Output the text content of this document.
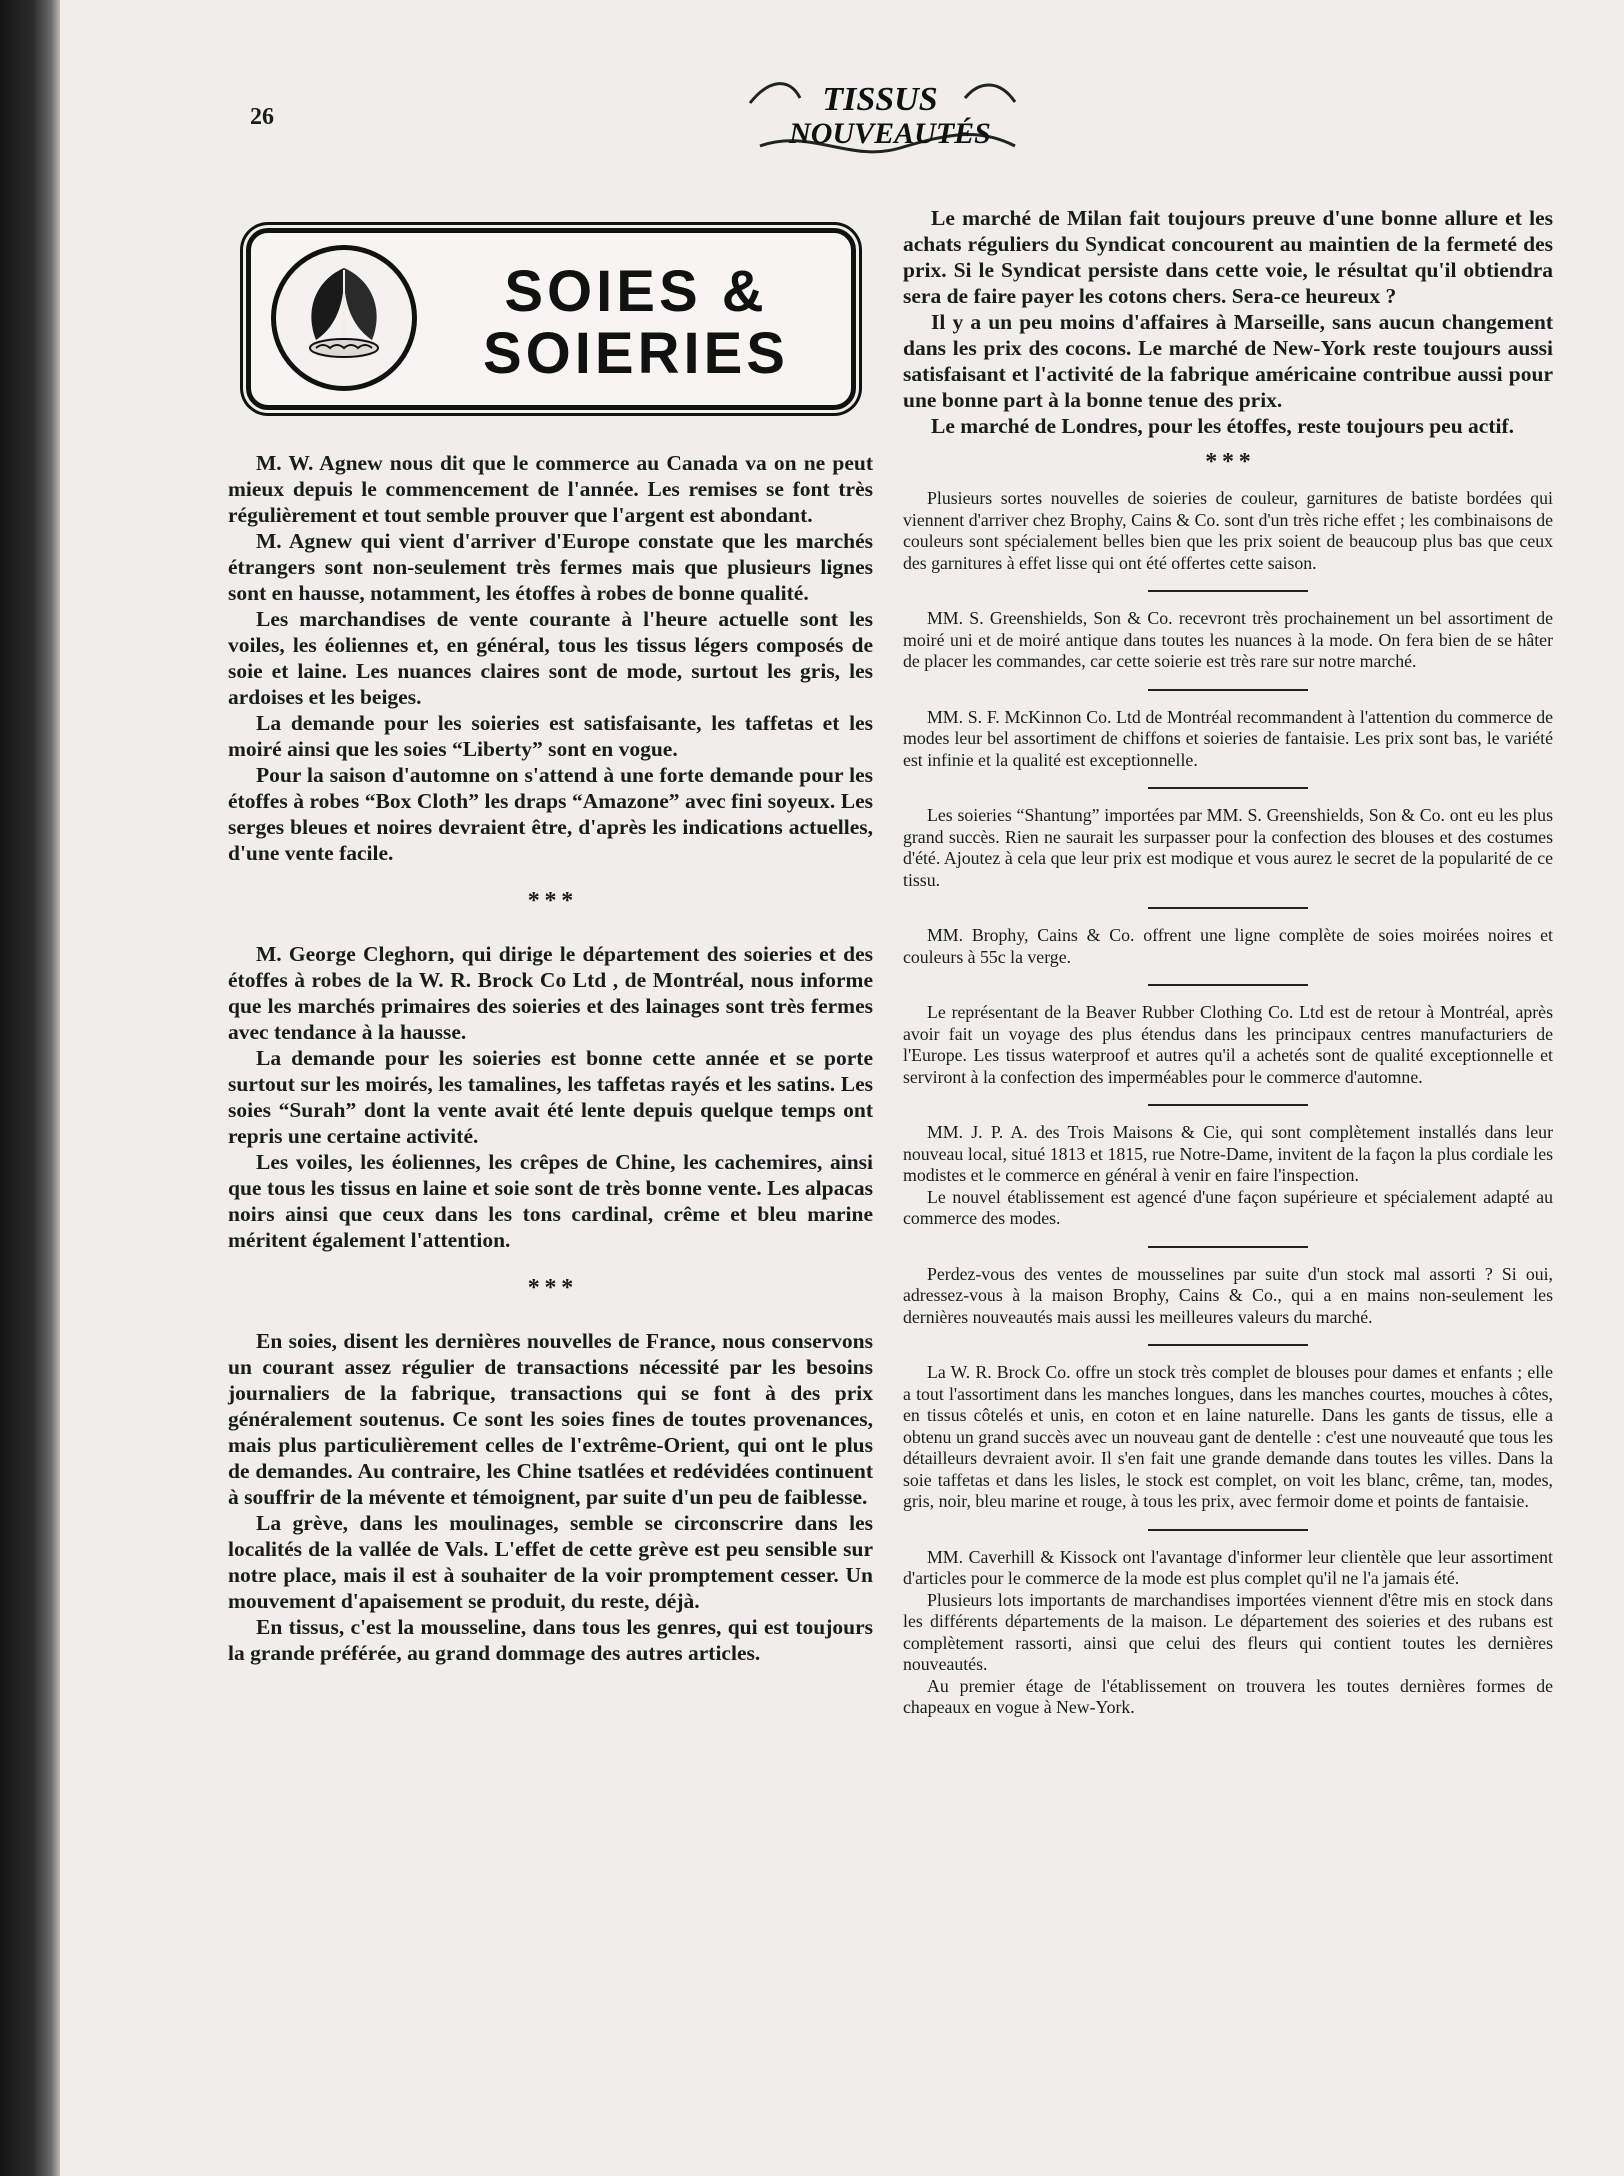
26	TISSUS
NOUVEAUTÉS
SOIES &
SOIERIES

M. W. Agnew nous dit que le commerce au Canada va on ne peut mieux depuis le commencement de l'année. Les remises se font très régulièrement et tout semble prouver que l'argent est abondant.

M. Agnew qui vient d'arriver d'Europe constate que les marchés étrangers sont non-seulement très fermes mais que plusieurs lignes sont en hausse, notamment, les étoffes à robes de bonne qualité.

Les marchandises de vente courante à l'heure actuelle sont les voiles, les éoliennes et, en général, tous les tissus légers composés de soie et laine. Les nuances claires sont de mode, surtout les gris, les ardoises et les beiges.

La demande pour les soieries est satisfaisante, les taffetas et les moiré ainsi que les soies “Liberty” sont en vogue.

Pour la saison d'automne on s'attend à une forte demande pour les étoffes à robes “Box Cloth” les draps “Amazone” avec fini soyeux. Les serges bleues et noires devraient être, d'après les indications actuelles, d'une vente facile.

* * *

M. George Cleghorn, qui dirige le département des soieries et des étoffes à robes de la W. R. Brock Co Ltd , de Montréal, nous informe que les marchés primaires des soieries et des lainages sont très fermes avec tendance à la hausse.

La demande pour les soieries est bonne cette année et se porte surtout sur les moirés, les tamalines, les taffetas rayés et les satins. Les soies “Surah” dont la vente avait été lente depuis quelque temps ont repris une certaine activité.

Les voiles, les éoliennes, les crêpes de Chine, les cachemires, ainsi que tous les tissus en laine et soie sont de très bonne vente. Les alpacas noirs ainsi que ceux dans les tons cardinal, crême et bleu marine méritent également l'attention.

* * *

En soies, disent les dernières nouvelles de France, nous conservons un courant assez régulier de transactions nécessité par les besoins journaliers de la fabrique, transactions qui se font à des prix généralement soutenus. Ce sont les soies fines de toutes provenances, mais plus particulièrement celles de l'extrême-Orient, qui ont le plus de demandes. Au contraire, les Chine tsatlées et redévidées continuent à souffrir de la mévente et témoignent, par suite d'un peu de faiblesse.

La grève, dans les moulinages, semble se circonscrire dans les localités de la vallée de Vals. L'effet de cette grève est peu sensible sur notre place, mais il est à souhaiter de la voir promptement cesser. Un mouvement d'apaisement se produit, du reste, déjà.

En tissus, c'est la mousseline, dans tous les genres, qui est toujours la grande préférée, au grand dommage des autres articles.

Le marché de Milan fait toujours preuve d'une bonne allure et les achats réguliers du Syndicat concourent au maintien de la fermeté des prix. Si le Syndicat persiste dans cette voie, le résultat qu'il obtiendra sera de faire payer les cotons chers. Sera-ce heureux ?

Il y a un peu moins d'affaires à Marseille, sans aucun changement dans les prix des cocons. Le marché de New-York reste toujours aussi satisfaisant et l'activité de la fabrique américaine contribue aussi pour une bonne part à la bonne tenue des prix.

Le marché de Londres, pour les étoffes, reste toujours peu actif.

* * *

Plusieurs sortes nouvelles de soieries de couleur, garnitures de batiste bordées qui viennent d'arriver chez Brophy, Cains & Co. sont d'un très riche effet ; les combinaisons de couleurs sont spécialement belles bien que les prix soient de beaucoup plus bas que ceux des garnitures à effet lisse qui ont été offertes cette saison.

MM. S. Greenshields, Son & Co. recevront très prochainement un bel assortiment de moiré uni et de moiré antique dans toutes les nuances à la mode. On fera bien de se hâter de placer les commandes, car cette soierie est très rare sur notre marché.

MM. S. F. McKinnon Co. Ltd de Montréal recommandent à l'attention du commerce de modes leur bel assortiment de chiffons et soieries de fantaisie. Les prix sont bas, le variété est infinie et la qualité est exceptionnelle.

Les soieries “Shantung” importées par MM. S. Greenshields, Son & Co. ont eu les plus grand succès. Rien ne saurait les surpasser pour la confection des blouses et des costumes d'été. Ajoutez à cela que leur prix est modique et vous aurez le secret de la popularité de ce tissu.

MM. Brophy, Cains & Co. offrent une ligne complète de soies moirées noires et couleurs à 55c la verge.

Le représentant de la Beaver Rubber Clothing Co. Ltd est de retour à Montréal, après avoir fait un voyage des plus étendus dans les principaux centres manufacturiers de l'Europe. Les tissus waterproof et autres qu'il a achetés sont de qualité exceptionnelle et serviront à la confection des imperméables pour le commerce d'automne.

MM. J. P. A. des Trois Maisons & Cie, qui sont complètement installés dans leur nouveau local, situé 1813 et 1815, rue Notre-Dame, invitent de la façon la plus cordiale les modistes et le commerce en général à venir en faire l'inspection.

Le nouvel établissement est agencé d'une façon supérieure et spécialement adapté au commerce des modes.

Perdez-vous des ventes de mousselines par suite d'un stock mal assorti ? Si oui, adressez-vous à la maison Brophy, Cains & Co., qui a en mains non-seulement les dernières nouveautés mais aussi les meilleures valeurs du marché.

La W. R. Brock Co. offre un stock très complet de blouses pour dames et enfants ; elle a tout l'assortiment dans les manches longues, dans les manches courtes, mouches à côtes, en tissus côtelés et unis, en coton et en laine naturelle. Dans les gants de tissus, elle a obtenu un grand succès avec un nouveau gant de dentelle : c'est une nouveauté que tous les détailleurs devraient avoir. Il s'en fait une grande demande dans toutes les villes. Dans la soie taffetas et dans les lisles, le stock est complet, on voit les blanc, crême, tan, modes, gris, noir, bleu marine et rouge, à tous les prix, avec fermoir dome et points de fantaisie.

MM. Caverhill & Kissock ont l'avantage d'informer leur clientèle que leur assortiment d'articles pour le commerce de la mode est plus complet qu'il ne l'a jamais été.

Plusieurs lots importants de marchandises importées viennent d'être mis en stock dans les différents départements de la maison. Le département des soieries et des rubans est complètement rassorti, ainsi que celui des fleurs qui contient toutes les dernières nouveautés.

Au premier étage de l'établissement on trouvera les toutes dernières formes de chapeaux en vogue à New-York.
